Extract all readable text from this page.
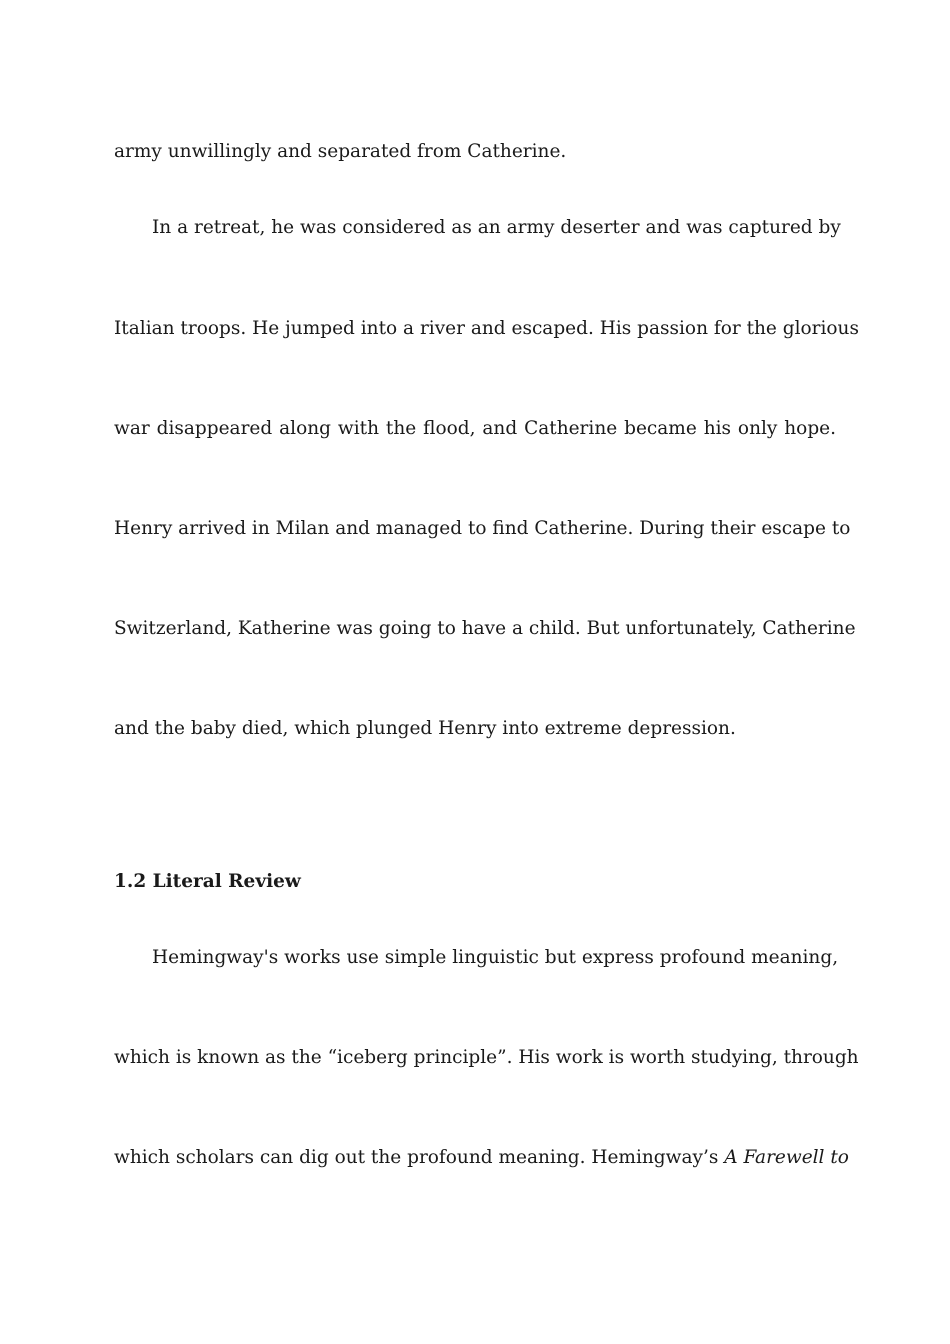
army unwillingly and separated from Catherine.
In a retreat, he was considered as an army deserter and was captured by
Italian troops. He jumped into a river and escaped. His passion for the glorious
war disappeared along with the flood, and Catherine became his only hope.
Henry arrived in Milan and managed to find Catherine. During their escape to
Switzerland, Katherine was going to have a child. But unfortunately, Catherine
and the baby died, which plunged Henry into extreme depression.
1.2 Literal Review
Hemingway's works use simple linguistic but express profound meaning,
which is known as the “iceberg principle”. His work is worth studying, through
which scholars can dig out the profound meaning. Hemingway’s A Farewell to
